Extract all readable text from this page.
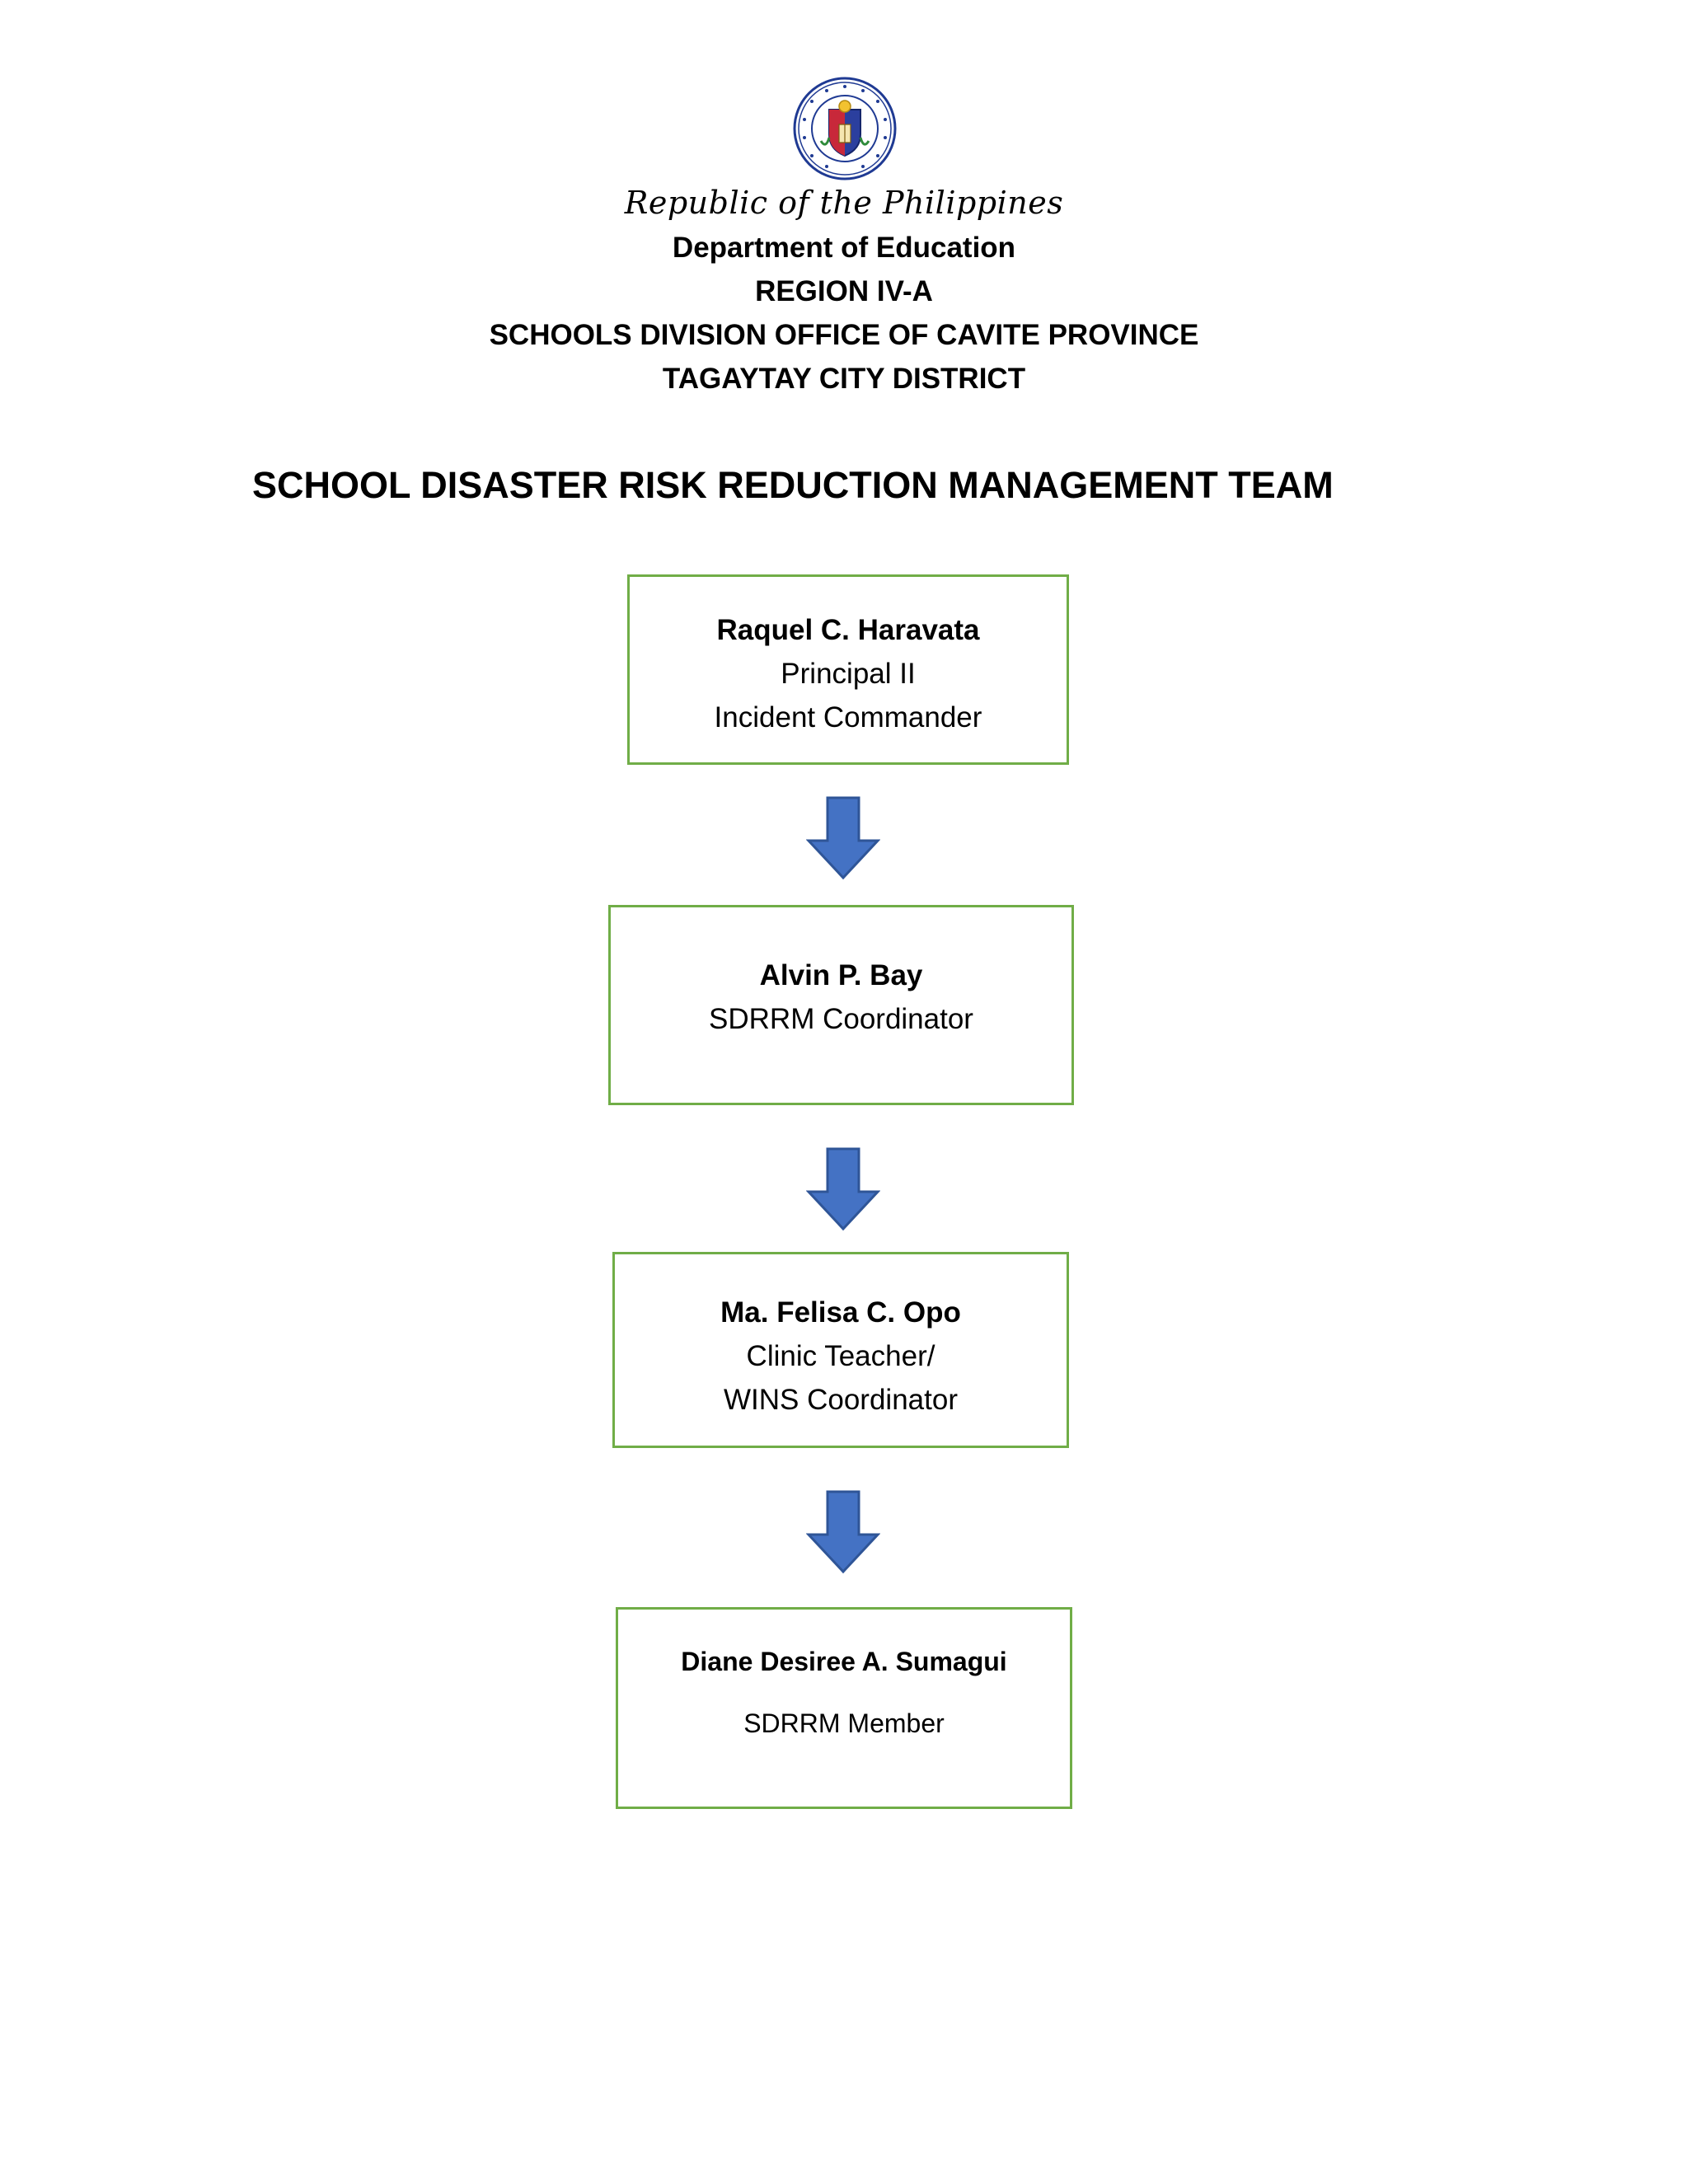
Republic of the Philippines
Department of Education
REGION IV-A
SCHOOLS DIVISION OFFICE OF CAVITE PROVINCE
TAGAYTAY CITY DISTRICT
SCHOOL DISASTER RISK REDUCTION MANAGEMENT TEAM
Raquel C. Haravata
Principal II
Incident Commander
Alvin P. Bay
SDRRM Coordinator
Ma. Felisa C. Opo
Clinic Teacher/
WINS Coordinator
Diane Desiree A. Sumagui
SDRRM Member
